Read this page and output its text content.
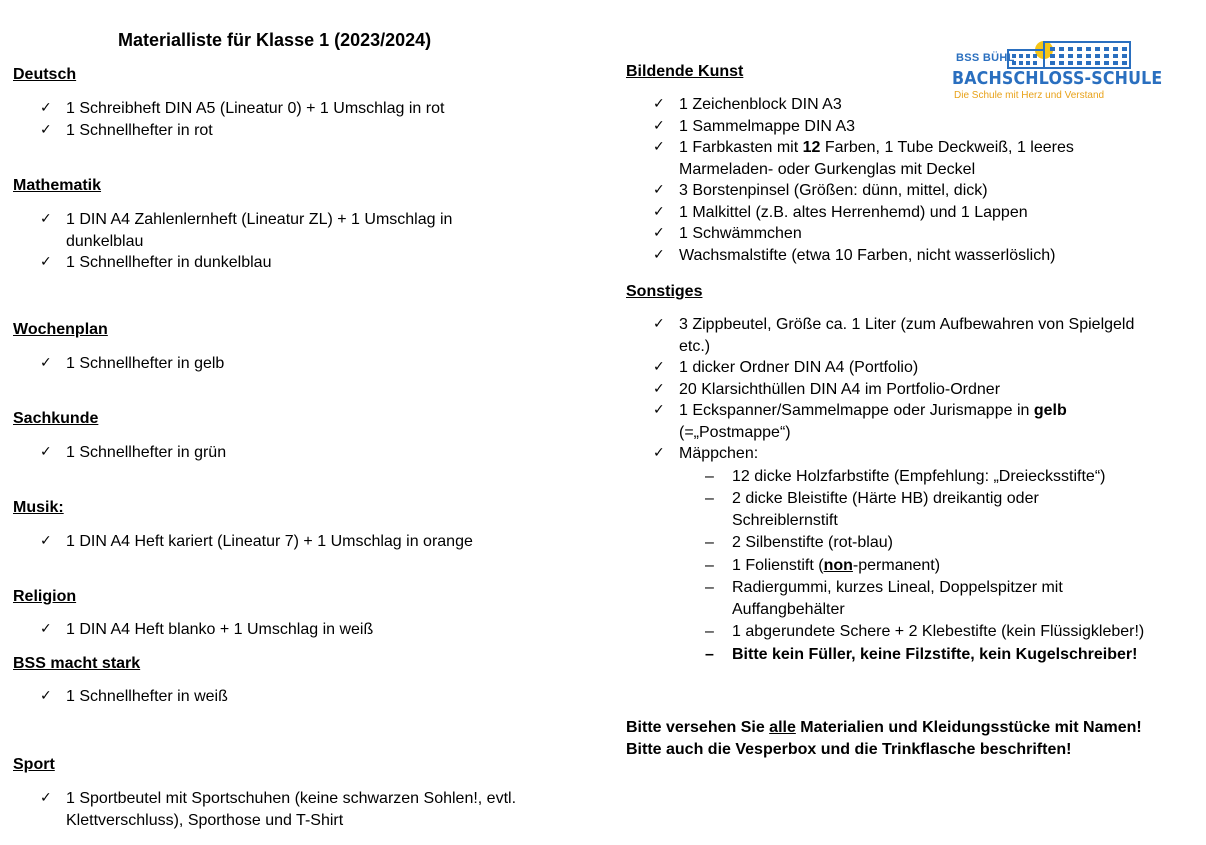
Materialliste für Klasse 1 (2023/2024)
BSS BÜHL
BACHSCHLOSS-SCHULE
Die Schule mit Herz und Verstand
Deutsch
✓ 1 Schreibheft DIN A5 (Lineatur 0) + 1 Umschlag in rot
✓ 1 Schnellhefter in rot
Mathematik
✓ 1 DIN A4 Zahlenlernheft (Lineatur ZL) + 1 Umschlag in dunkelblau
✓ 1 Schnellhefter in dunkelblau
Wochenplan
✓ 1 Schnellhefter in gelb
Sachkunde
✓ 1 Schnellhefter in grün
Musik:
✓ 1 DIN A4 Heft kariert (Lineatur 7) + 1 Umschlag in orange
Religion
✓ 1 DIN A4 Heft blanko + 1 Umschlag in weiß
BSS macht stark
✓ 1 Schnellhefter in weiß
Sport
✓ 1 Sportbeutel mit Sportschuhen (keine schwarzen Sohlen!, evtl. Klettverschluss), Sporthose und T-Shirt
Bildende Kunst
✓ 1 Zeichenblock DIN A3
✓ 1 Sammelmappe DIN A3
✓ 1 Farbkasten mit 12 Farben, 1 Tube Deckweiß, 1 leeres Marmeladen- oder Gurkenglas mit Deckel
✓ 3 Borstenpinsel (Größen: dünn, mittel, dick)
✓ 1 Malkittel (z.B. altes Herrenhemd) und 1 Lappen
✓ 1 Schwämmchen
✓ Wachsmalstifte (etwa 10 Farben, nicht wasserlöslich)
Sonstiges
✓ 3 Zippbeutel, Größe ca. 1 Liter (zum Aufbewahren von Spielgeld etc.)
✓ 1 dicker Ordner DIN A4 (Portfolio)
✓ 20 Klarsichthüllen DIN A4 im Portfolio-Ordner
✓ 1 Eckspanner/Sammelmappe oder Jurismappe in gelb (=„Postmappe“)
✓ Mäppchen:
– 12 dicke Holzfarbstifte (Empfehlung: „Dreiecksstifte“)
– 2 dicke Bleistifte (Härte HB) dreikantig oder Schreiblernstift
– 2 Silbenstifte (rot-blau)
– 1 Folienstift (non-permanent)
– Radiergummi, kurzes Lineal, Doppelspitzer mit Auffangbehälter
– 1 abgerundete Schere + 2 Klebestifte (kein Flüssigkleber!)
– Bitte kein Füller, keine Filzstifte, kein Kugelschreiber!
Bitte versehen Sie alle Materialien und Kleidungsstücke mit Namen! Bitte auch die Vesperbox und die Trinkflasche beschriften!
